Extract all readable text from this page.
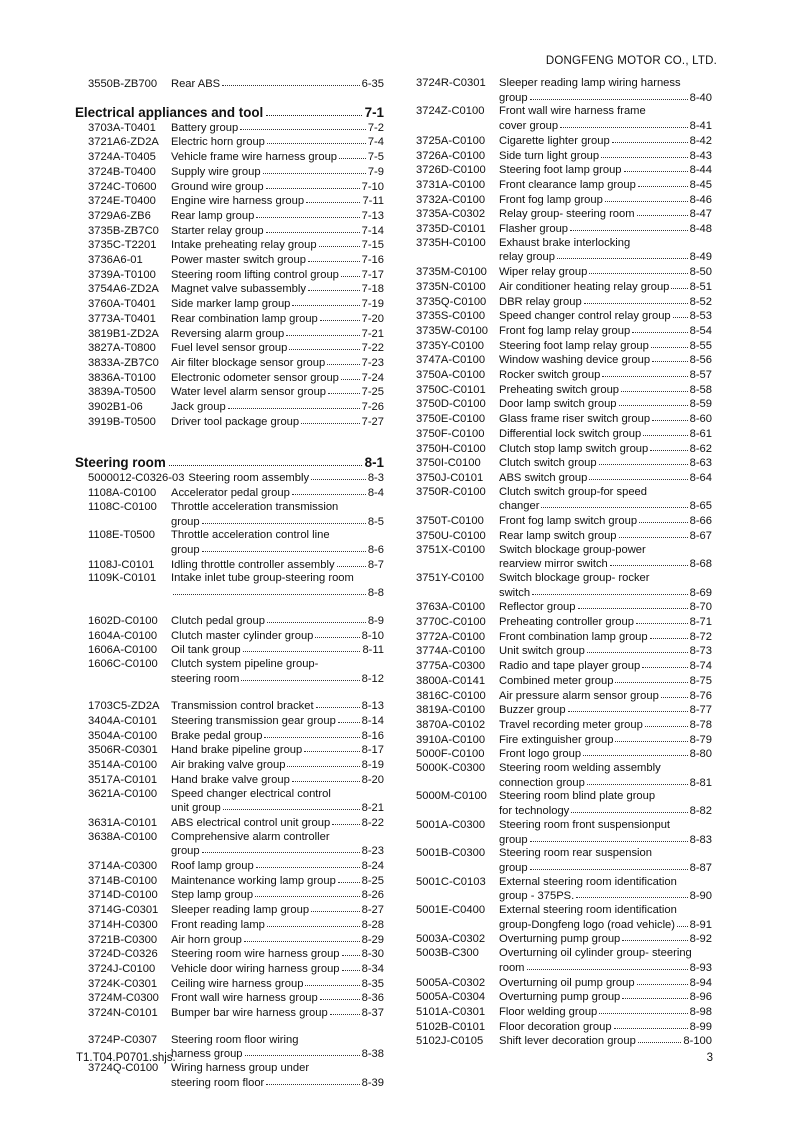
DONGFENG MOTOR CO., LTD.
3550B-ZB700	Rear ABS	6-35
Electrical appliances and tool	7-1
3703A-T0401	Battery group	7-2
3721A6-ZD2A	Electric horn group	7-4
3724A-T0405	Vehicle frame wire harness group	7-5
3724B-T0400	Supply wire group	7-9
3724C-T0600	Ground wire group	7-10
3724E-T0400	Engine wire harness group	7-11
3729A6-ZB6	Rear lamp group	7-13
3735B-ZB7C0	Starter relay group	7-14
3735C-T2201	Intake preheating relay group	7-15
3736A6-01	Power master switch group	7-16
3739A-T0100	Steering room lifting control group 7-17
3754A6-ZD2A	Magnet valve subassembly	7-18
3760A-T0401	Side marker lamp group	7-19
3773A-T0401	Rear combination lamp group	7-20
3819B1-ZD2A	Reversing alarm group	7-21
3827A-T0800	Fuel level sensor group	7-22
3833A-ZB7C0	Air filter blockage sensor group	7-23
3836A-T0100	Electronic odometer sensor group 7-24
3839A-T0500	Water level alarm sensor group	7-25
3902B1-06	Jack group	7-26
3919B-T0500	Driver tool package group	7-27
Steering room	8-1
5000012-C0326-03 Steering room assembly	8-3
1108A-C0100	Accelerator pedal group	8-4
1108C-C0100	Throttle acceleration transmission
group	8-5
1108E-T0500	Throttle acceleration control line
group	8-6
1108J-C0101	Idling throttle controller assembly	8-7
1109K-C0101	Intake inlet tube group-steering room
8-8
1602D-C0100	Clutch pedal group	8-9
1604A-C0100	Clutch master cylinder group	8-10
1606A-C0100	Oil tank group	8-11
1606C-C0100	Clutch system pipeline group-
steering room	8-12
1703C5-ZD2A	Transmission control bracket	8-13
3404A-C0101	Steering transmission gear group 8-14
3504A-C0100	Brake pedal group	8-16
3506R-C0301	Hand brake pipeline group	8-17
3514A-C0100	Air braking valve group	8-19
3517A-C0101	Hand brake valve group	8-20
3621A-C0100	Speed changer electrical control
unit group	8-21
3631A-C0101	ABS electrical control unit group	8-22
3638A-C0100	Comprehensive alarm controller
group	8-23
3714A-C0300	Roof lamp group	8-24
3714B-C0100	Maintenance working lamp group 8-25
3714D-C0100	Step lamp group	8-26
3714G-C0301	Sleeper reading lamp group	8-27
3714H-C0300	Front reading lamp	8-28
3721B-C0300	Air horn group	8-29
3724D-C0326	Steering room wire harness group 8-30
3724J-C0100	Vehicle door wiring harness group 8-34
3724K-C0301	Ceiling wire harness group	8-35
3724M-C0300	Front wall wire harness group	8-36
3724N-C0101	Bumper bar wire harness group	8-37
3724P-C0307	Steering room floor wiring
harness group	8-38
3724Q-C0100	Wiring harness group under
steering room floor	8-39
3724R-C0301	Sleeper reading lamp wiring harness
group	8-40
3724Z-C0100	Front wall wire harness frame
cover group	8-41
3725A-C0100	Cigarette lighter group	8-42
3726A-C0100	Side turn light group	8-43
3726D-C0100	Steering foot lamp group	8-44
3731A-C0100	Front clearance lamp group	8-45
3732A-C0100	Front fog lamp group	8-46
3735A-C0302	Relay group- steering room	8-47
3735D-C0101	Flasher group	8-48
3735H-C0100	Exhaust brake interlocking
relay group	8-49
3735M-C0100	Wiper relay group	8-50
3735N-C0100	Air conditioner heating relay group 8-51
3735Q-C0100	DBR relay group	8-52
3735S-C0100	Speed changer control relay group 8-53
3735W-C0100 Front fog lamp relay group	8-54
3735Y-C0100	Steering foot lamp relay group	8-55
3747A-C0100	Window washing device group	8-56
3750A-C0100	Rocker switch group	8-57
3750C-C0101	Preheating switch group	8-58
3750D-C0100	Door lamp switch group	8-59
3750E-C0100	Glass frame riser switch group	8-60
3750F-C0100	Differential lock switch group	8-61
3750H-C0100	Clutch stop lamp switch group	8-62
3750I-C0100	Clutch switch group	8-63
3750J-C0101	ABS switch group	8-64
3750R-C0100	Clutch switch group-for speed
changer	8-65
3750T-C0100	Front fog lamp switch group	8-66
3750U-C0100	Rear lamp switch group	8-67
3751X-C0100	Switch blockage group-power
rearview mirror switch	8-68
3751Y-C0100	Switch blockage group- rocker
switch	8-69
3763A-C0100	Reflector group	8-70
3770C-C0100	Preheating controller group	8-71
3772A-C0100	Front combination lamp group	8-72
3774A-C0100	Unit switch group	8-73
3775A-C0300	Radio and tape player group	8-74
3800A-C0141	Combined meter group	8-75
3816C-C0100	Air pressure alarm sensor group	8-76
3819A-C0100	Buzzer group	8-77
3870A-C0102	Travel recording meter group	8-78
3910A-C0100	Fire extinguisher group	8-79
5000F-C0100	Front logo group	8-80
5000K-C0300	Steering room welding assembly
connection group	8-81
5000M-C0100	Steering room blind plate group
for technology	8-82
5001A-C0300	Steering room front suspensionput
group	8-83
5001B-C0300	Steering room rear suspension
group	8-87
5001C-C0103	External steering room identification
group - 375PS.	8-90
5001E-C0400	External steering room identification
group-Dongfeng logo (road vehicle) 8-91
5003A-C0302	Overturning pump group	8-92
5003B-C300	Overturning oil cylinder group- steering
room	8-93
5005A-C0302	Overturning oil pump group	8-94
5005A-C0304	Overturning pump group	8-96
5101A-C0301	Floor welding group	8-98
5102B-C0101	Floor decoration group	8-99
5102J-C0105	Shift lever decoration group	8-100
T1.T04.P0701.shjs.	3
